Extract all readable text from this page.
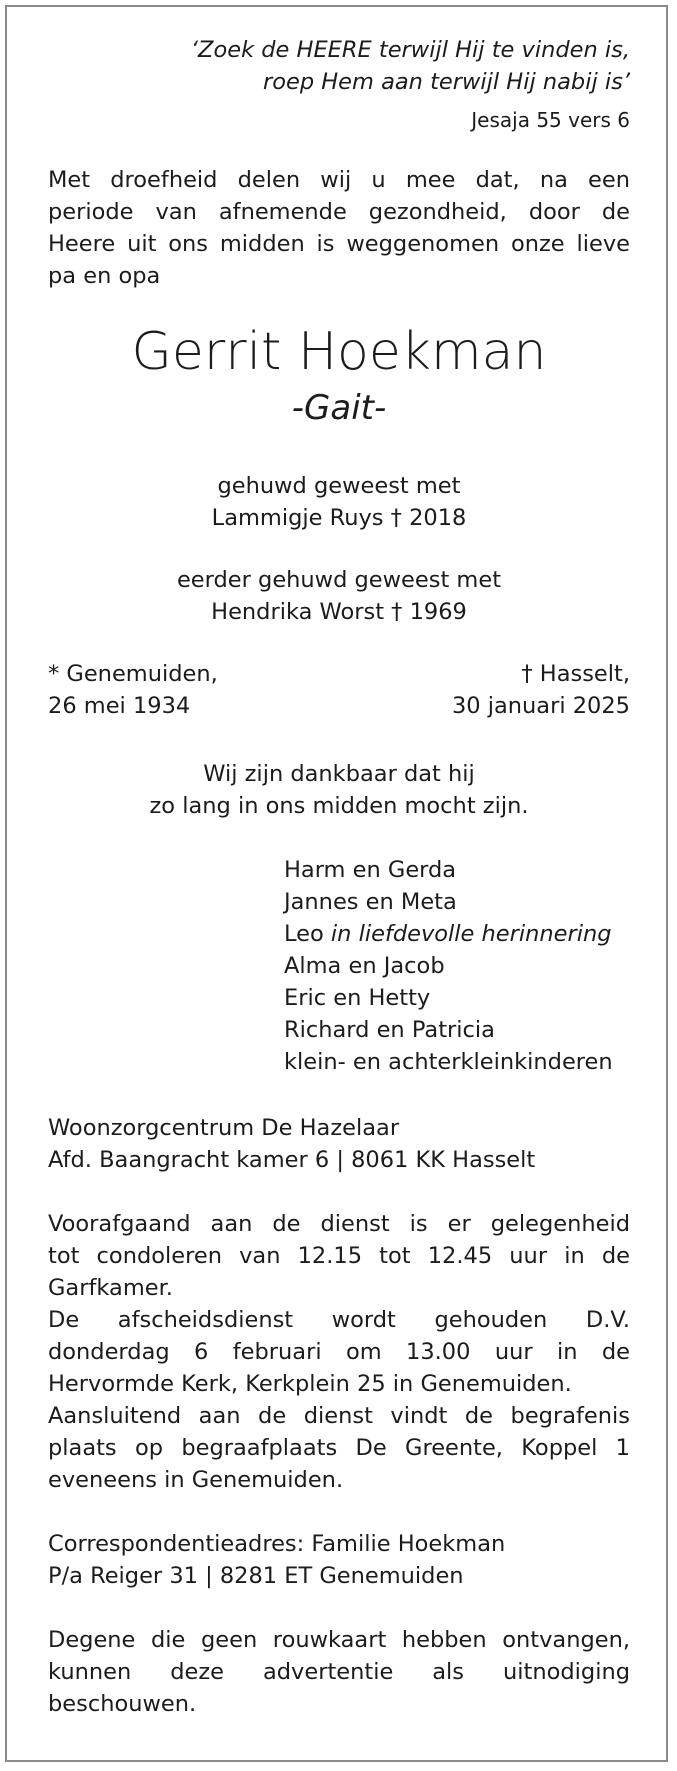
‘Zoek de HEERE terwijl Hij te vinden is,
roep Hem aan terwijl Hij nabij is’
Jesaja 55 vers 6
Met droefheid delen wij u mee dat, na een
periode van afnemende gezondheid, door de
Heere uit ons midden is weggenomen onze lieve
pa en opa
Gerrit Hoekman
-Gait-
gehuwd geweest met
Lammigje Ruys † 2018
eerder gehuwd geweest met
Hendrika Worst † 1969
* Genemuiden,	† Hasselt,
26 mei 1934	30 januari 2025
Wij zijn dankbaar dat hij
zo lang in ons midden mocht zijn.
Harm en Gerda
Jannes en Meta
Leo in liefdevolle herinnering
Alma en Jacob
Eric en Hetty
Richard en Patricia
klein- en achterkleinkinderen
Woonzorgcentrum De Hazelaar
Afd. Baangracht kamer 6 | 8061 KK Hasselt
Voorafgaand aan de dienst is er gelegenheid
tot condoleren van 12.15 tot 12.45 uur in de
Garfkamer.
De afscheidsdienst wordt gehouden D.V.
donderdag 6 februari om 13.00 uur in de
Hervormde Kerk, Kerkplein 25 in Genemuiden.
Aansluitend aan de dienst vindt de begrafenis
plaats op begraafplaats De Greente, Koppel 1
eveneens in Genemuiden.
Correspondentieadres: Familie Hoekman
P/a Reiger 31 | 8281 ET Genemuiden
Degene die geen rouwkaart hebben ontvangen,
kunnen deze advertentie als uitnodiging
beschouwen.
